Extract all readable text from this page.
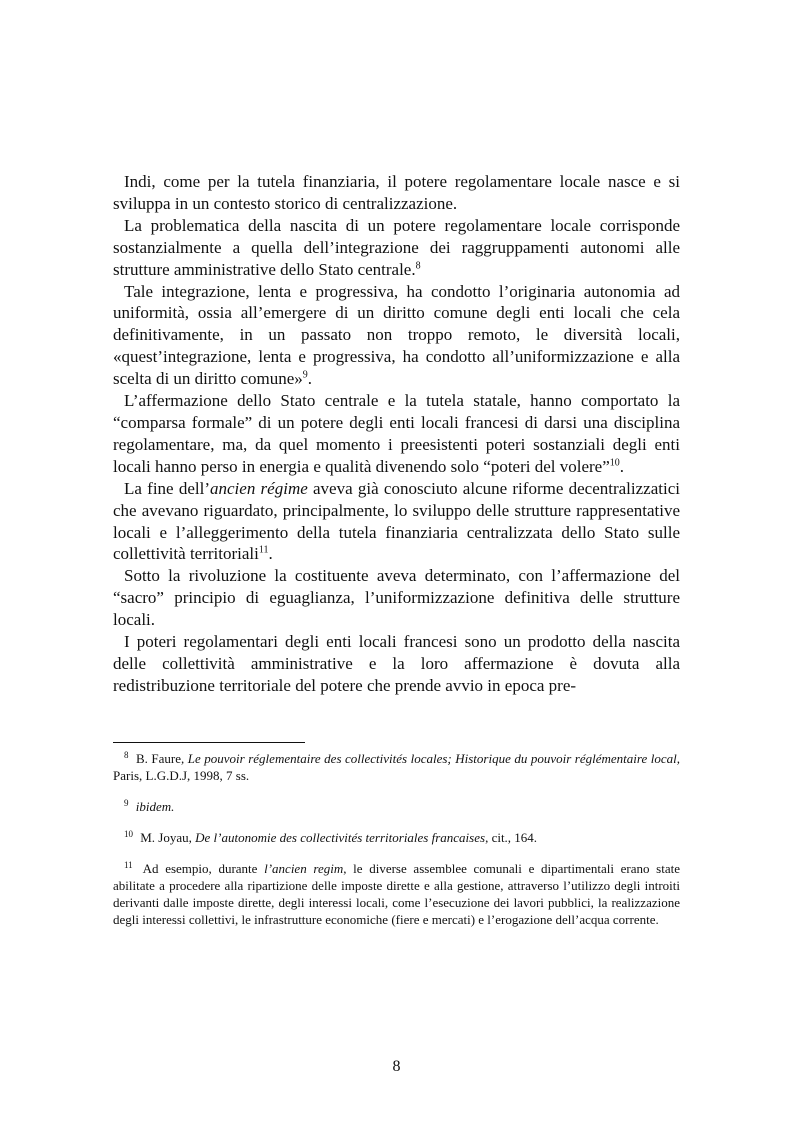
Indi, come per la tutela finanziaria, il potere regolamentare locale nasce e si sviluppa in un contesto storico di centralizzazione.

La problematica della nascita di un potere regolamentare locale corrisponde sostanzialmente a quella dell’integrazione dei raggruppamenti autonomi alle strutture amministrative dello Stato centrale.$^8$

Tale integrazione, lenta e progressiva, ha condotto l’originaria autonomia ad uniformità, ossia all’emergere di un diritto comune degli enti locali che cela definitivamente, in un passato non troppo remoto, le diversità locali, «quest’integrazione, lenta e progressiva, ha condotto all’uniformizzazione e alla scelta di un diritto comune»$^9$.

L’affermazione dello Stato centrale e la tutela statale, hanno comportato la “comparsa formale” di un potere degli enti locali francesi di darsi una disciplina regolamentare, ma, da quel momento i preesistenti poteri sostanziali degli enti locali hanno perso in energia e qualità divenendo solo “poteri del volere”$^{10}$.

La fine dell’ancien régime aveva già conosciuto alcune riforme decentralizzatici che avevano riguardato, principalmente, lo sviluppo delle strutture rappresentative locali e l’alleggerimento della tutela finanziaria centralizzata dello Stato sulle collettività territoriali$^{11}$.

Sotto la rivoluzione la costituente aveva determinato, con l’affermazione del “sacro” principio di eguaglianza, l’uniformizzazione definitiva delle strutture locali.

I poteri regolamentari degli enti locali francesi sono un prodotto della nascita delle collettività amministrative e la loro affermazione è dovuta alla redistribuzione territoriale del potere che prende avvio in epoca pre-

$^8$ B. Faure, Le pouvoir réglementaire des collectivités locales; Historique du pouvoir réglémentaire local, Paris, L.G.D.J, 1998, 7 ss.

$^9$ ibidem.

$^{10}$ M. Joyau, De l’autonomie des collectivités territoriales francaises, cit., 164.

$^{11}$ Ad esempio, durante l’ancien regim, le diverse assemblee comunali e dipartimentali erano state abilitate a procedere alla ripartizione delle imposte dirette e alla gestione, attraverso l’utilizzo degli introiti derivanti dalle imposte dirette, degli interessi locali, come l’esecuzione dei lavori pubblici, la realizzazione degli interessi collettivi, le infrastrutture economiche (fiere e mercati) e l’erogazione dell’acqua corrente.

8
